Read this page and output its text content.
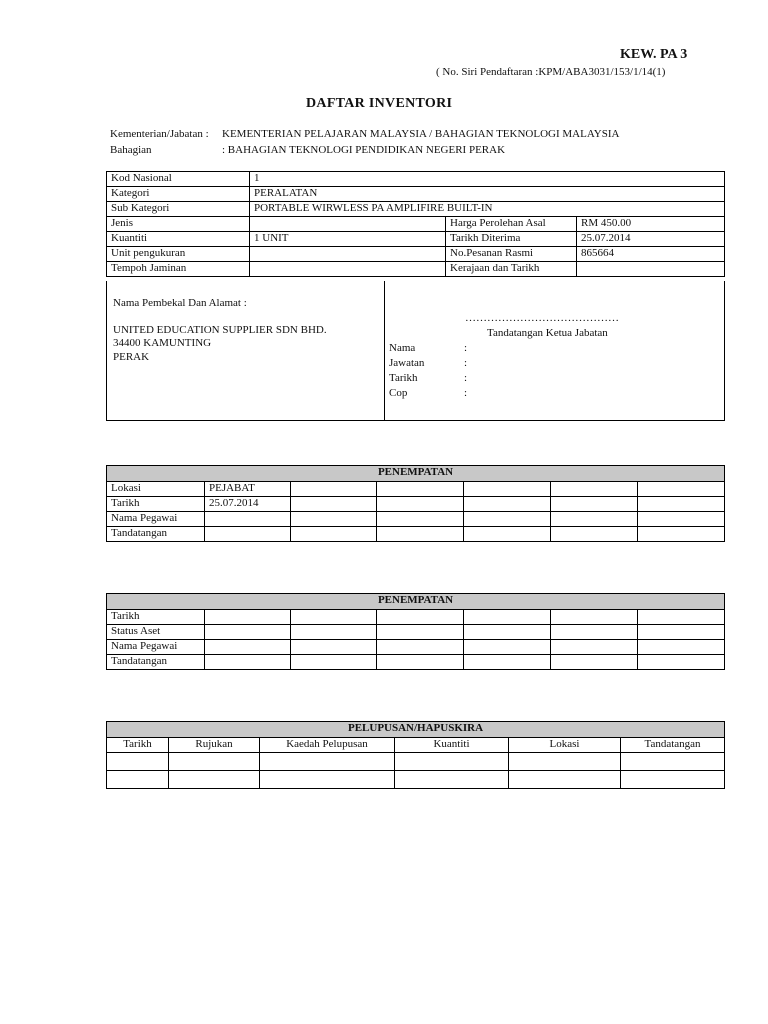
KEW. PA 3
( No. Siri Pendaftaran :KPM/ABA3031/153/1/14(1)
DAFTAR INVENTORI
Kementerian/Jabatan : KEMENTERIAN PELAJARAN MALAYSIA / BAHAGIAN TEKNOLOGI MALAYSIA
Bahagian	: BAHAGIAN TEKNOLOGI PENDIDIKAN NEGERI PERAK
Kod Nasional	1		
Kategori	PERALATAN		
Sub Kategori	PORTABLE WIRWLESS PA AMPLIFIRE BUILT-IN		
Jenis		Harga Perolehan Asal	RM 450.00
Kuantiti	1 UNIT	Tarikh Diterima	25.07.2014
Unit pengukuran		No.Pesanan Rasmi	865664
Tempoh Jaminan		Kerajaan dan Tarikh	
Nama Pembekal Dan Alamat :
UNITED EDUCATION SUPPLIER SDN BHD.
34400 KAMUNTING
PERAK
……………………………………
Tandatangan Ketua Jabatan
Nama	:
Jawatan	:
Tarikh	:
Cop	:
PENEMPATAN						
Lokasi	PEJABAT					
Tarikh	25.07.2014					
Nama Pegawai						
Tandatangan						
PENEMPATAN						
Tarikh						
Status Aset						
Nama Pegawai						
Tandatangan						
PELUPUSAN/HAPUSKIRA					
Tarikh	Rujukan	Kaedah Pelupusan	Kuantiti	Lokasi	Tandatangan
